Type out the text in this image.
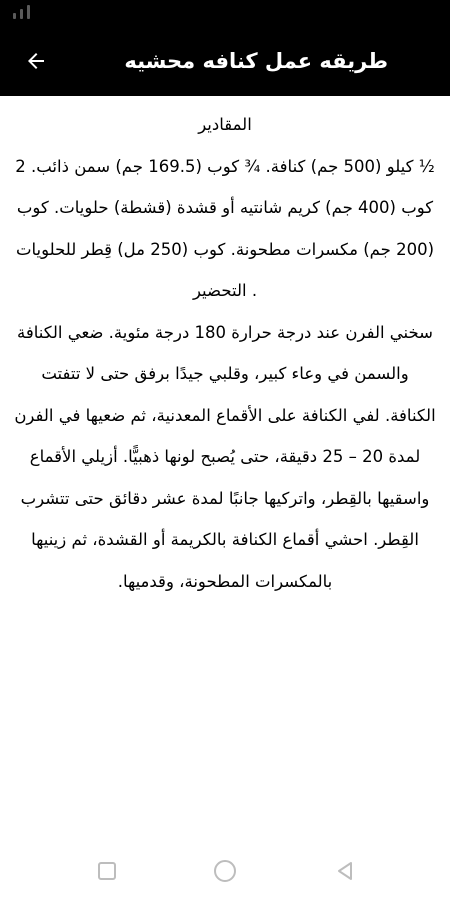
طريقه عمل كنافه محشيه

المقادير

½ كيلو (500 جم) كنافة. ¾ كوب (169.5 جم) سمن ذائب. 2 كوب (400 جم) كريم شانتيه أو قشدة (قشطة) حلويات. كوب (200 جم) مكسرات مطحونة. كوب (250 مل) قِطر للحلويات

. التحضير

سخني الفرن عند درجة حرارة 180 درجة مئوية. ضعي الكنافة والسمن في وعاء كبير، وقلبي جيدًا برفق حتى لا تتفتت الكنافة. لفي الكنافة على الأقماع المعدنية، ثم ضعيها في الفرن لمدة 20 – 25 دقيقة، حتى يُصبح لونها ذهبيًّا. أزيلي الأقماع واسقيها بالقِطر، واتركيها جانبًا لمدة عشر دقائق حتى تتشرب القِطر. احشي أقماع الكنافة بالكريمة أو القشدة، ثم زينيها بالمكسرات المطحونة، وقدميها.
